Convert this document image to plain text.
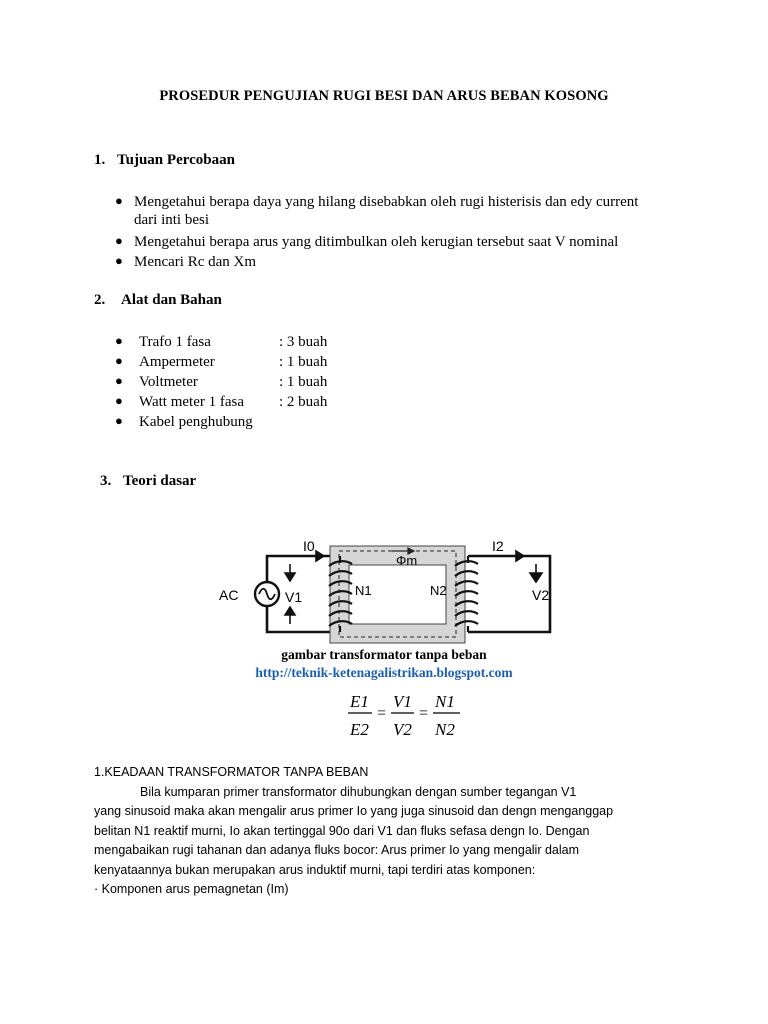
PROSEDUR PENGUJIAN RUGI BESI DAN ARUS BEBAN KOSONG
1. Tujuan Percobaan
● Mengetahui berapa daya yang hilang disebabkan oleh rugi histerisis dan edy current
dari inti besi
● Mengetahui berapa arus yang ditimbulkan oleh kerugian tersebut saat V nominal
● Mencari Rc dan Xm
2. Alat dan Bahan
● Trafo 1 fasa	: 3 buah
● Ampermeter	: 1 buah
● Voltmeter	: 1 buah
● Watt meter 1 fasa : 2 buah
● Kabel penghubung
3. Teori dasar
AC
I0
Φm
I2
V1	N1	N2	V2
gambar transformator tanpa beban
http://teknik-ketenagalistrikan.blogspot.com
E1
E2
=
V1
V2
=
N1
N2
1.KEADAAN TRANSFORMATOR TANPA BEBAN
Bila kumparan primer transformator dihubungkan dengan sumber tegangan V1
yang sinusoid maka akan mengalir arus primer Io yang juga sinusoid dan dengn menganggap
belitan N1 reaktif murni, Io akan tertinggal 90o dari V1 dan fluks sefasa dengn Io. Dengan
mengabaikan rugi tahanan dan adanya fluks bocor: Arus primer Io yang mengalir dalam
kenyataannya bukan merupakan arus induktif murni, tapi terdiri atas komponen:
· Komponen arus pemagnetan (Im)
